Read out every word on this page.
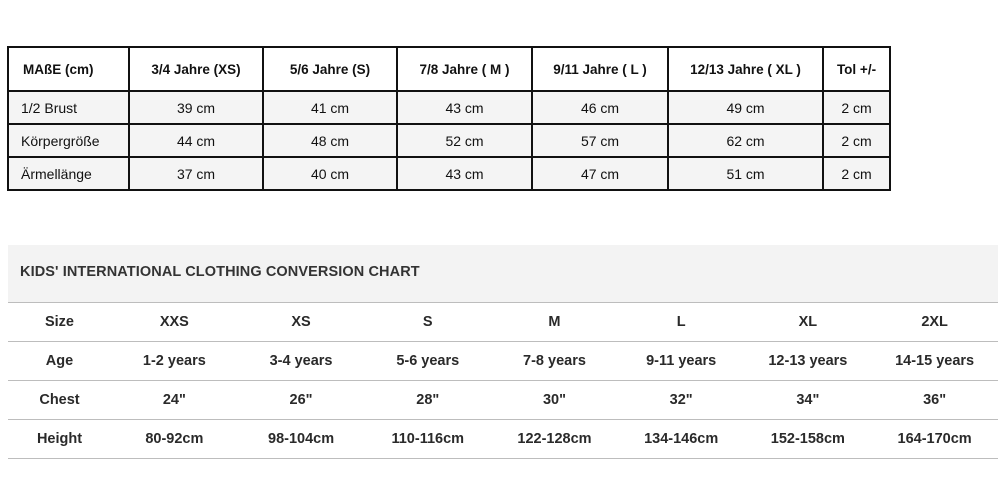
MAßE (cm)	3/4 Jahre (XS)	5/6 Jahre (S)	7/8 Jahre ( M )	9/11 Jahre ( L )	12/13 Jahre ( XL )	Tol +/-
1/2 Brust	39 cm	41 cm	43 cm	46 cm	49 cm	2 cm
Körpergröße	44 cm	48 cm	52 cm	57 cm	62 cm	2 cm
Ärmellänge	37 cm	40 cm	43 cm	47 cm	51 cm	2 cm
KIDS' INTERNATIONAL CLOTHING CONVERSION CHART
Size	XXS	XS	S	M	L	XL	2XL
Age	1-2 years	3-4 years	5-6 years	7-8 years	9-11 years	12-13 years	14-15 years
Chest	24"	26"	28"	30"	32"	34"	36"
Height	80-92cm	98-104cm	110-116cm	122-128cm	134-146cm	152-158cm	164-170cm
